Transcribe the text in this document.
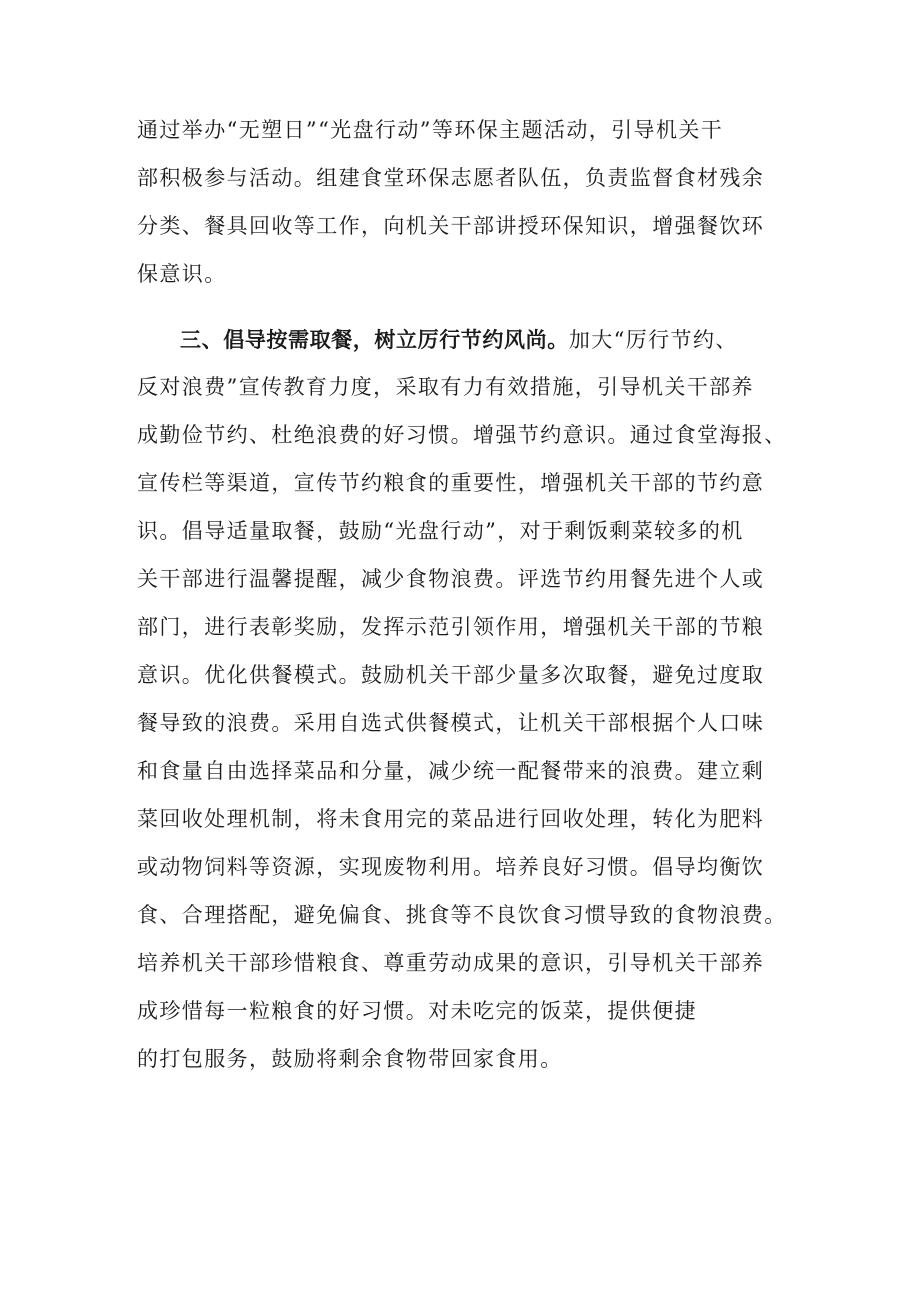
通过举办“无塑日”“光盘行动”等环保主题活动，引导机关干
部积极参与活动。组建食堂环保志愿者队伍，负责监督食材残余
分类、餐具回收等工作，向机关干部讲授环保知识，增强餐饮环
保意识。
三、倡导按需取餐，树立厉行节约风尚。加大“厉行节约、
反对浪费”宣传教育力度，采取有力有效措施，引导机关干部养
成勤俭节约、杜绝浪费的好习惯。增强节约意识。通过食堂海报、
宣传栏等渠道，宣传节约粮食的重要性，增强机关干部的节约意
识。倡导适量取餐，鼓励“光盘行动”，对于剩饭剩菜较多的机
关干部进行温馨提醒，减少食物浪费。评选节约用餐先进个人或
部门，进行表彰奖励，发挥示范引领作用，增强机关干部的节粮
意识。优化供餐模式。鼓励机关干部少量多次取餐，避免过度取
餐导致的浪费。采用自选式供餐模式，让机关干部根据个人口味
和食量自由选择菜品和分量，减少统一配餐带来的浪费。建立剩
菜回收处理机制，将未食用完的菜品进行回收处理，转化为肥料
或动物饲料等资源，实现废物利用。培养良好习惯。倡导均衡饮
食、合理搭配，避免偏食、挑食等不良饮食习惯导致的食物浪费。
培养机关干部珍惜粮食、尊重劳动成果的意识，引导机关干部养
成珍惜每一粒粮食的好习惯。对未吃完的饭菜，提供便捷
的打包服务，鼓励将剩余食物带回家食用。
